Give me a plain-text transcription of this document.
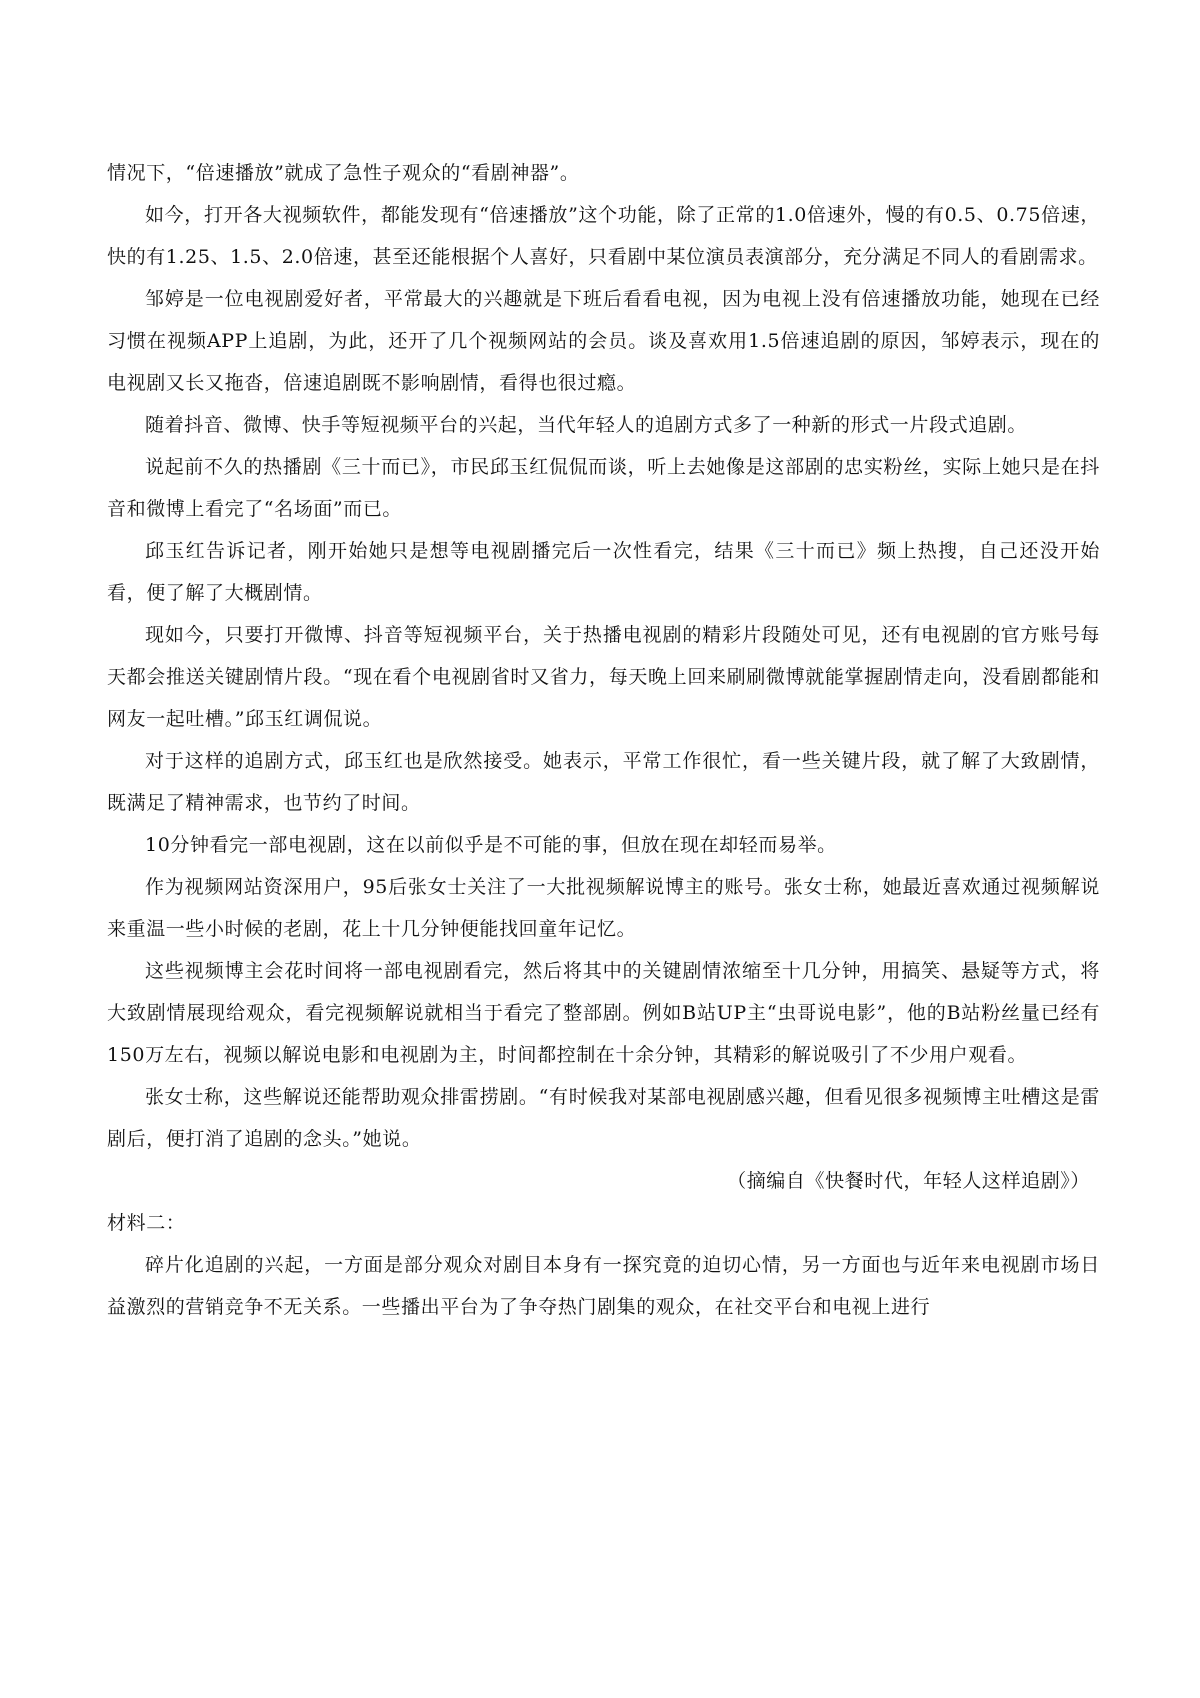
情况下，“倍速播放”就成了急性子观众的“看剧神器”。

如今，打开各大视频软件，都能发现有“倍速播放”这个功能，除了正常的1.0倍速外，慢的有0.5、0.75倍速，快的有1.25、1.5、2.0倍速，甚至还能根据个人喜好，只看剧中某位演员表演部分，充分满足不同人的看剧需求。

邹婷是一位电视剧爱好者，平常最大的兴趣就是下班后看看电视，因为电视上没有倍速播放功能，她现在已经习惯在视频APP上追剧，为此，还开了几个视频网站的会员。谈及喜欢用1.5倍速追剧的原因，邹婷表示，现在的电视剧又长又拖沓，倍速追剧既不影响剧情，看得也很过瘾。

随着抖音、微博、快手等短视频平台的兴起，当代年轻人的追剧方式多了一种新的形式一片段式追剧。

说起前不久的热播剧《三十而已》，市民邱玉红侃侃而谈，听上去她像是这部剧的忠实粉丝，实际上她只是在抖音和微博上看完了“名场面”而已。

邱玉红告诉记者，刚开始她只是想等电视剧播完后一次性看完，结果《三十而已》频上热搜，自己还没开始看，便了解了大概剧情。

现如今，只要打开微博、抖音等短视频平台，关于热播电视剧的精彩片段随处可见，还有电视剧的官方账号每天都会推送关键剧情片段。“现在看个电视剧省时又省力，每天晚上回来刷刷微博就能掌握剧情走向，没看剧都能和网友一起吐槽。”邱玉红调侃说。

对于这样的追剧方式，邱玉红也是欣然接受。她表示，平常工作很忙，看一些关键片段，就了解了大致剧情，既满足了精神需求，也节约了时间。

10分钟看完一部电视剧，这在以前似乎是不可能的事，但放在现在却轻而易举。

作为视频网站资深用户，95后张女士关注了一大批视频解说博主的账号。张女士称，她最近喜欢通过视频解说来重温一些小时候的老剧，花上十几分钟便能找回童年记忆。

这些视频博主会花时间将一部电视剧看完，然后将其中的关键剧情浓缩至十几分钟，用搞笑、悬疑等方式，将大致剧情展现给观众，看完视频解说就相当于看完了整部剧。例如B站UP主“虫哥说电影”，他的B站粉丝量已经有150万左右，视频以解说电影和电视剧为主，时间都控制在十余分钟，其精彩的解说吸引了不少用户观看。

张女士称，这些解说还能帮助观众排雷捞剧。“有时候我对某部电视剧感兴趣，但看见很多视频博主吐槽这是雷剧后，便打消了追剧的念头。”她说。

（摘编自《快餐时代，年轻人这样追剧》）

材料二：

碎片化追剧的兴起，一方面是部分观众对剧目本身有一探究竟的迫切心情，另一方面也与近年来电视剧市场日益激烈的营销竞争不无关系。一些播出平台为了争夺热门剧集的观众，在社交平台和电视上进行
